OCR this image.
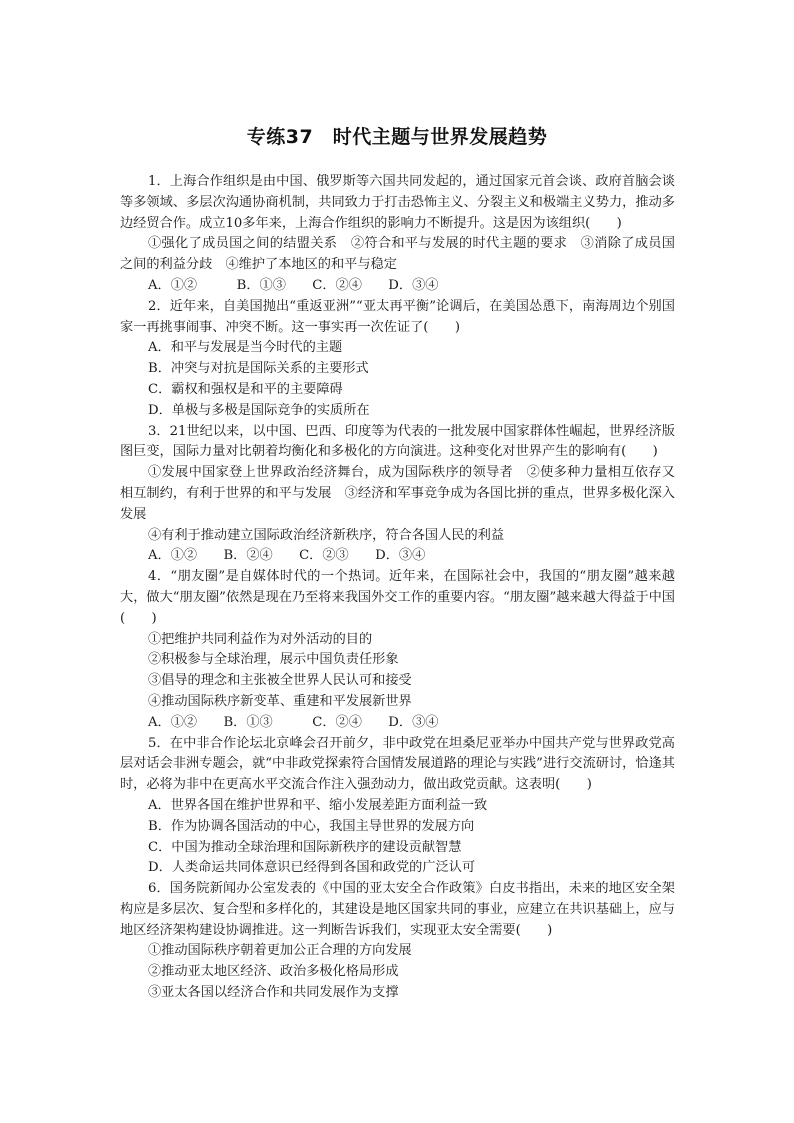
专练37　时代主题与世界发展趋势

1．上海合作组织是由中国、俄罗斯等六国共同发起的，通过国家元首会谈、政府首脑会谈等多领域、多层次沟通协商机制，共同致力于打击恐怖主义、分裂主义和极端主义势力，推动多边经贸合作。成立10多年来，上海合作组织的影响力不断提升。这是因为该组织(　　)

①强化了成员国之间的结盟关系　②符合和平与发展的时代主题的要求　③消除了成员国之间的利益分歧　④维护了本地区的和平与稳定

A．①②　　　B．①③　　C．②④　　D．③④

2．近年来，自美国抛出“重返亚洲”“亚太再平衡”论调后，在美国怂恿下，南海周边个别国家一再挑事闹事、冲突不断。这一事实再一次佐证了(　　)

A．和平与发展是当今时代的主题

B．冲突与对抗是国际关系的主要形式

C．霸权和强权是和平的主要障碍

D．单极与多极是国际竞争的实质所在

3．21世纪以来，以中国、巴西、印度等为代表的一批发展中国家群体性崛起，世界经济版图巨变，国际力量对比朝着均衡化和多极化的方向演进。这种变化对世界产生的影响有(　　)

①发展中国家登上世界政治经济舞台，成为国际秩序的领导者　②使多种力量相互依存又相互制约，有利于世界的和平与发展　③经济和军事竞争成为各国比拼的重点，世界多极化深入发展

④有利于推动建立国际政治经济新秩序，符合各国人民的利益

A．①②　　B．②④　　C．②③　　D．③④

4．“朋友圈”是自媒体时代的一个热词。近年来，在国际社会中，我国的“朋友圈”越来越大，做大“朋友圈”依然是现在乃至将来我国外交工作的重要内容。“朋友圈”越来越大得益于中国(　　)

①把维护共同利益作为对外活动的目的

②积极参与全球治理，展示中国负责任形象

③倡导的理念和主张被全世界人民认可和接受

④推动国际秩序新变革、重建和平发展新世界

A．①②　　B．①③　　　C．②④　　D．③④

5．在中非合作论坛北京峰会召开前夕，非中政党在坦桑尼亚举办中国共产党与世界政党高层对话会非洲专题会，就“中非政党探索符合国情发展道路的理论与实践”进行交流研讨，恰逢其时，必将为非中在更高水平交流合作注入强劲动力，做出政党贡献。这表明(　　)

A．世界各国在维护世界和平、缩小发展差距方面利益一致

B．作为协调各国活动的中心，我国主导世界的发展方向

C．中国为推动全球治理和国际新秩序的建设贡献智慧

D．人类命运共同体意识已经得到各国和政党的广泛认可

6．国务院新闻办公室发表的《中国的亚太安全合作政策》白皮书指出，未来的地区安全架构应是多层次、复合型和多样化的，其建设是地区国家共同的事业，应建立在共识基础上，应与地区经济架构建设协调推进。这一判断告诉我们，实现亚太安全需要(　　)

①推动国际秩序朝着更加公正合理的方向发展

②推动亚太地区经济、政治多极化格局形成

③亚太各国以经济合作和共同发展作为支撑
